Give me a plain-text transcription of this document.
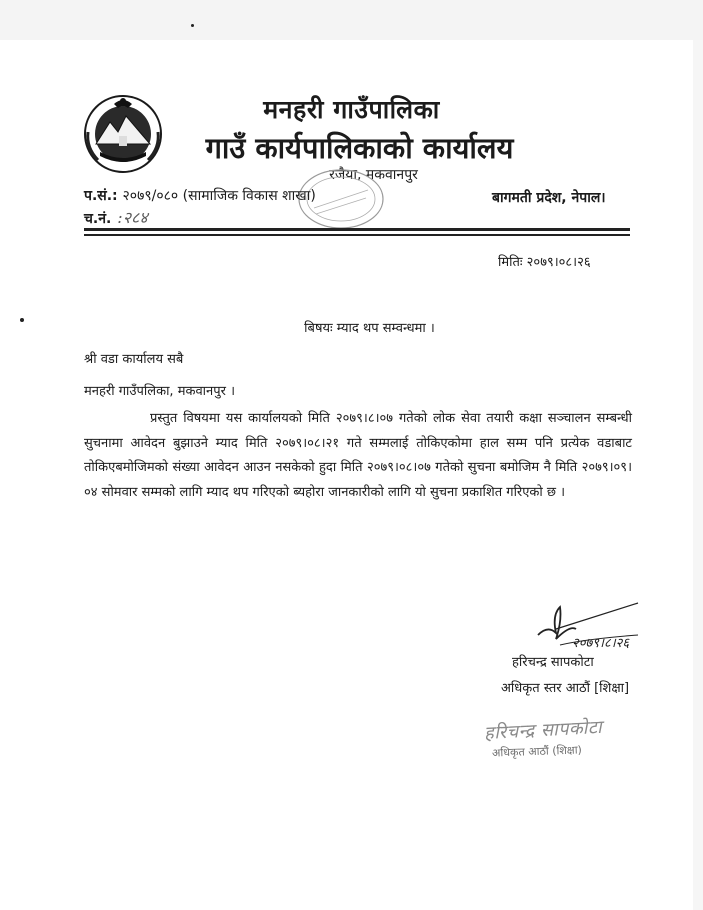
मनहरी गाउँपालिका
गाउँ कार्यपालिकाको कार्यालय
रजैया, मकवानपुर
प.सं.: २०७९/०८० (सामाजिक विकास शाखा)
च.नं. :२८४
बागमती प्रदेश, नेपाल।
मितिः २०७९।०८।२६
बिषयः म्याद थप सम्वन्धमा ।
श्री वडा कार्यालय सबै
मनहरी गाउँपलिका, मकवानपुर ।
प्रस्तुत विषयमा यस कार्यालयको मिति २०७९।८।०७ गतेको लोक सेवा तयारी कक्षा सञ्चालन सम्बन्धी सुचनामा आवेदन बुझाउने म्याद मिति २०७९।०८।२१ गते सम्मलाई तोकिएकोमा हाल सम्म पनि प्रत्येक वडाबाट तोकिएबमोजिमको संख्या आवेदन आउन नसकेको हुदा मिति २०७९।०८।०७ गतेको सुचना बमोजिम नै मिति २०७९।०९।०४ सोमवार सम्मको लागि म्याद थप गरिएको ब्यहोरा जानकारीको लागि यो सुचना प्रकाशित गरिएको छ ।
२०७९।८।२६
हरिचन्द्र सापकोटा
अधिकृत स्तर आठौं [शिक्षा]
हरिचन्द्र सापकोटा
अधिकृत आठौं (शिक्षा)
